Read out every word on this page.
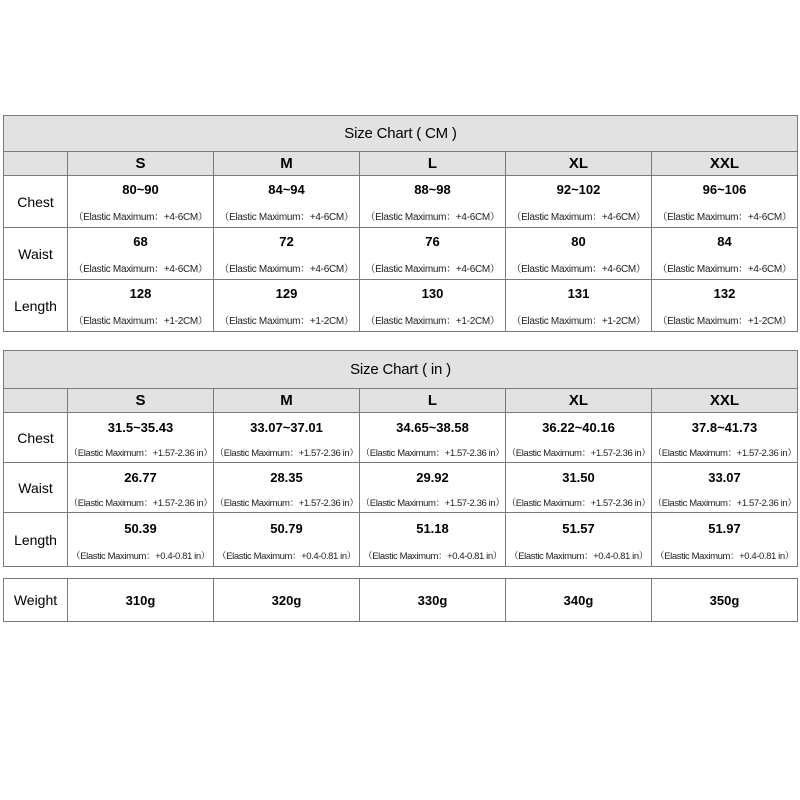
Size Chart ( CM )					
	S	M	L	XL	XXL
Chest	80~90	84~94	88~98	92~102	96~106
	（Elastic Maximum：+4-6CM）	（Elastic Maximum：+4-6CM）	（Elastic Maximum：+4-6CM）	（Elastic Maximum：+4-6CM）	（Elastic Maximum：+4-6CM）
Waist	68	72	76	80	84
	（Elastic Maximum：+4-6CM）	（Elastic Maximum：+4-6CM）	（Elastic Maximum：+4-6CM）	（Elastic Maximum：+4-6CM）	（Elastic Maximum：+4-6CM）
Length	128	129	130	131	132
	（Elastic Maximum：+1-2CM）	（Elastic Maximum：+1-2CM）	（Elastic Maximum：+1-2CM）	（Elastic Maximum：+1-2CM）	（Elastic Maximum：+1-2CM）
Size Chart ( in )					
	S	M	L	XL	XXL
Chest	31.5~35.43	33.07~37.01	34.65~38.58	36.22~40.16	37.8~41.73
	（Elastic Maximum：+1.57-2.36 in）	（Elastic Maximum：+1.57-2.36 in）	（Elastic Maximum：+1.57-2.36 in）	（Elastic Maximum：+1.57-2.36 in）	（Elastic Maximum：+1.57-2.36 in）
Waist	26.77	28.35	29.92	31.50	33.07
	（Elastic Maximum：+1.57-2.36 in）	（Elastic Maximum：+1.57-2.36 in）	（Elastic Maximum：+1.57-2.36 in）	（Elastic Maximum：+1.57-2.36 in）	（Elastic Maximum：+1.57-2.36 in）
Length	50.39	50.79	51.18	51.57	51.97
	（Elastic Maximum：+0.4-0.81 in）	（Elastic Maximum：+0.4-0.81 in）	（Elastic Maximum：+0.4-0.81 in）	（Elastic Maximum：+0.4-0.81 in）	（Elastic Maximum：+0.4-0.81 in）
Weight	310g	320g	330g	340g	350g
